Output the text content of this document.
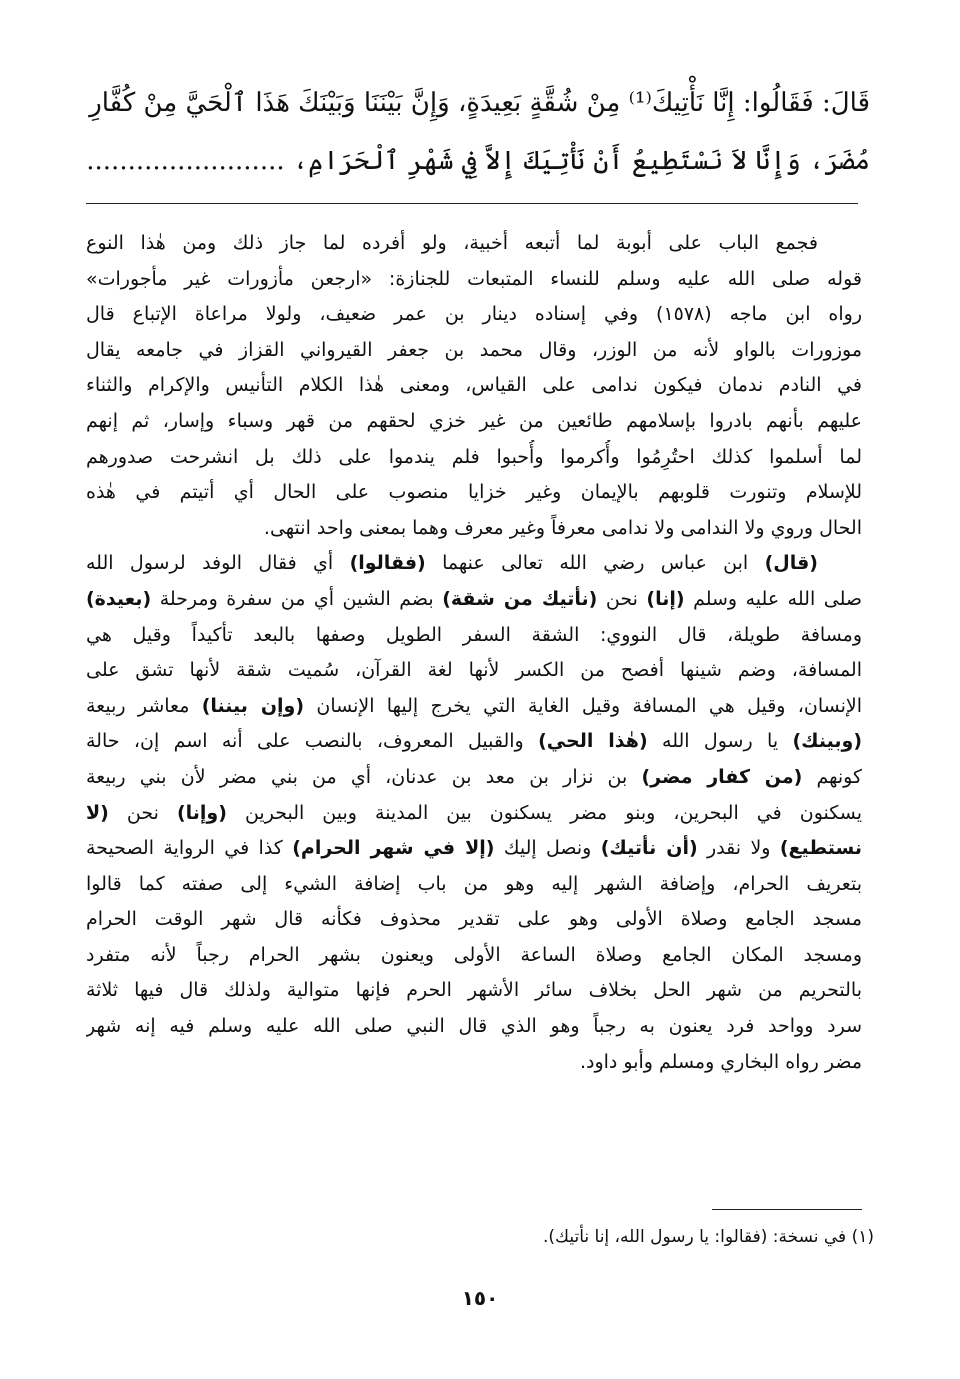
قَالَ: فَقَالُوا: إِنَّا نَأْتِيكَ⁽¹⁾ مِنْ شُقَّةٍ بَعِيدَةٍ، وَإِنَّ بَيْنَنَا وَبَيْنَكَ هَذَا ٱلْحَيَّ مِنْ كُفَّارِ
مُضَرَ، وَإِنَّا لاَ نَسْتَطِيعُ أَنْ نَأْتِيَكَ إِلاَّ فِي شَهْرِ ٱلْحَرَامِ، ........................

فجمع الباب على أبوبة لما أتبعه أخبية، ولو أفرده لما جاز ذلك ومن هٰذا النوع
قوله صلى الله عليه وسلم للنساء المتبعات للجنازة: «ارجعن مأزورات غير مأجورات»
رواه ابن ماجه (١٥٧٨) وفي إسناده دينار بن عمر ضعيف، ولولا مراعاة الإتباع قال
موزورات بالواو لأنه من الوزر، وقال محمد بن جعفر القيرواني القزاز في جامعه يقال
في النادم ندمان فيكون ندامى على القياس، ومعنى هٰذا الكلام التأنيس والإكرام والثناء
عليهم بأنهم بادروا بإسلامهم طائعين من غير خزي لحقهم من قهر وسباء وإسار، ثم إنهم
لما أسلموا كذلك احتُرِمُوا وأُكرموا وأُحبوا فلم يندموا على ذلك بل انشرحت صدورهم
للإسلام وتنورت قلوبهم بالإيمان وغير خزايا منصوب على الحال أي أتيتم في هٰذه
الحال وروي ولا الندامى ولا ندامى معرفاً وغير معرف وهما بمعنى واحد انتهى.

(قال) ابن عباس رضي الله تعالى عنهما (فقالوا) أي فقال الوفد لرسول الله
صلى الله عليه وسلم (إنا) نحن (نأتيك من شقة) بضم الشين أي من سفرة ومرحلة (بعيدة)
ومسافة طويلة، قال النووي: الشقة السفر الطويل وصفها بالبعد تأكيداً وقيل هي
المسافة، وضم شينها أفصح من الكسر لأنها لغة القرآن، سُميت شقة لأنها تشق على
الإنسان، وقيل هي المسافة وقيل الغاية التي يخرج إليها الإنسان (وإن بيننا) معاشر ربيعة
(وبينك) يا رسول الله (هٰذا الحي) والقبيل المعروف، بالنصب على أنه اسم إن، حالة
كونهم (من كفار مضر) بن نزار بن معد بن عدنان، أي من بني مضر لأن بني ربيعة
يسكنون في البحرين، وبنو مضر يسكنون بين المدينة وبين البحرين (وإنا) نحن (لا
نستطيع) ولا نقدر (أن نأتيك) ونصل إليك (إلا في شهر الحرام) كذا في الرواية الصحيحة
بتعريف الحرام، وإضافة الشهر إليه وهو من باب إضافة الشيء إلى صفته كما قالوا
مسجد الجامع وصلاة الأولى وهو على تقدير محذوف فكأنه قال شهر الوقت الحرام
ومسجد المكان الجامع وصلاة الساعة الأولى ويعنون بشهر الحرام رجباً لأنه متفرد
بالتحريم من شهر الحل بخلاف سائر الأشهر الحرم فإنها متوالية ولذلك قال فيها ثلاثة
سرد وواحد فرد يعنون به رجباً وهو الذي قال النبي صلى الله عليه وسلم فيه إنه شهر
مضر رواه البخاري ومسلم وأبو داود.

(١) في نسخة: (فقالوا: يا رسول الله، إنا نأتيك).
١٥٠
